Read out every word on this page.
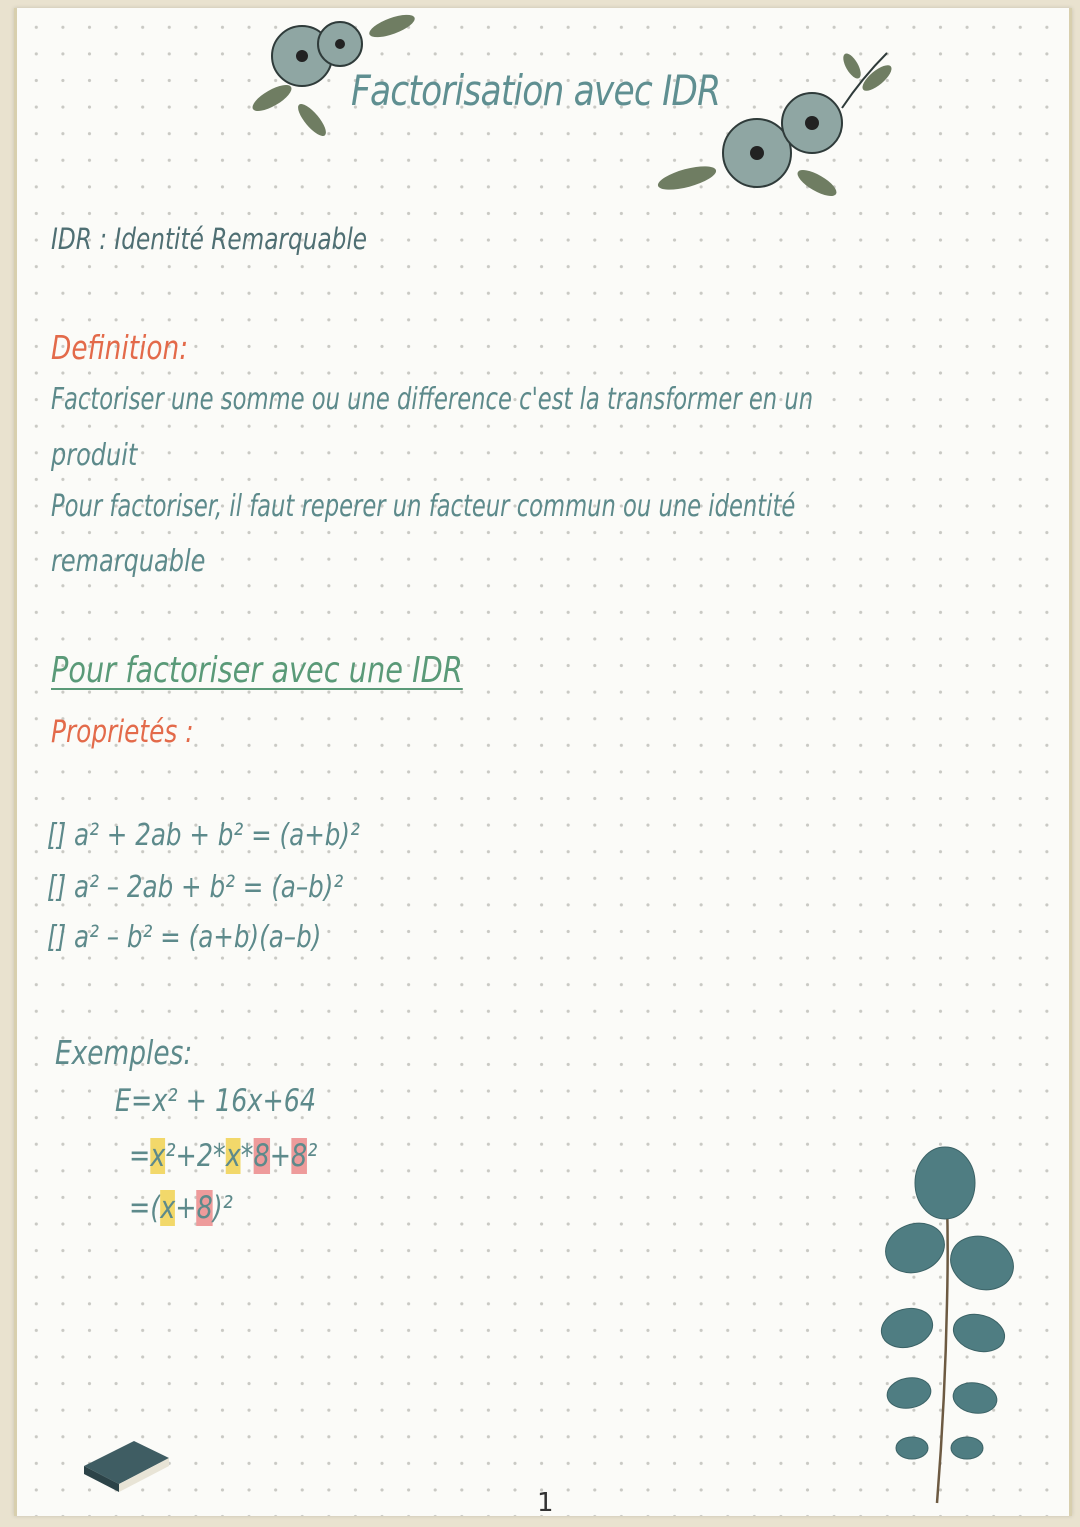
Factorisation avec IDR
IDR : Identité Remarquable
Definition:
Factoriser une somme ou une difference c'est la transformer en un
produit
Pour factoriser, il faut reperer un facteur commun ou une identité
remarquable
Pour factoriser avec une IDR
Proprietés :
[] a² + 2ab + b² = (a+b)²
[] a² – 2ab + b² = (a–b)²
[] a² – b² = (a+b)(a–b)
Exemples:
E=x² + 16x+64
=x²+2*x*8+8²
=(x+8)²
1
